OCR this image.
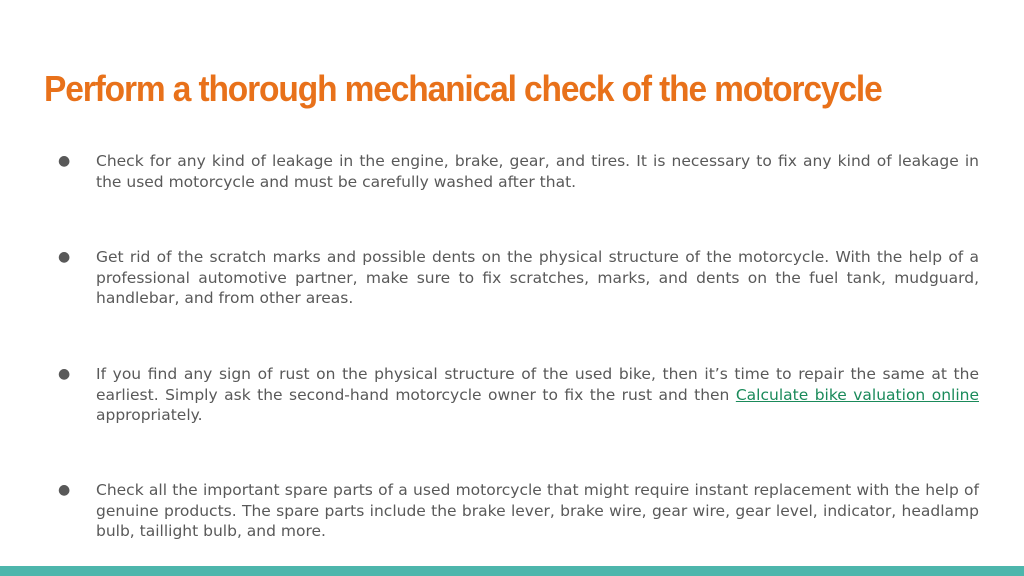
Perform a thorough mechanical check of the motorcycle
● Check for any kind of leakage in the engine, brake, gear, and tires. It is necessary to fix any kind of leakage in the used motorcycle and must be carefully washed after that.
● Get rid of the scratch marks and possible dents on the physical structure of the motorcycle. With the help of a professional automotive partner, make sure to fix scratches, marks, and dents on the fuel tank, mudguard, handlebar, and from other areas.
● If you find any sign of rust on the physical structure of the used bike, then it’s time to repair the same at the earliest. Simply ask the second-hand motorcycle owner to fix the rust and then Calculate bike valuation online appropriately.
● Check all the important spare parts of a used motorcycle that might require instant replacement with the help of genuine products. The spare parts include the brake lever, brake wire, gear wire, gear level, indicator, headlamp bulb, taillight bulb, and more.
